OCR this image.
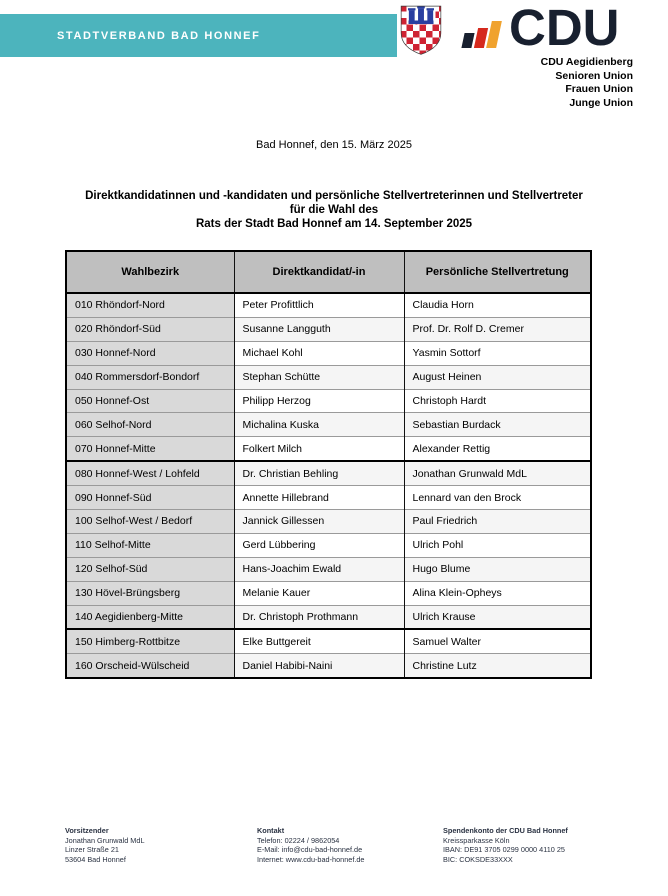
STADTVERBAND BAD HONNEF	CDU
CDU Aegidienberg
Senioren Union
Frauen Union
Junge Union
Bad Honnef, den 15. März 2025
Direktkandidatinnen und -kandidaten und persönliche Stellvertreterinnen und Stellvertreter
für die Wahl des
Rats der Stadt Bad Honnef am 14. September 2025
Wahlbezirk	Direktkandidat/-in	Persönliche Stellvertretung
010 Rhöndorf-Nord	Peter Profittlich	Claudia Horn
020 Rhöndorf-Süd	Susanne Langguth	Prof. Dr. Rolf D. Cremer
030 Honnef-Nord	Michael Kohl	Yasmin Sottorf
040 Rommersdorf-Bondorf	Stephan Schütte	August Heinen
050 Honnef-Ost	Philipp Herzog	Christoph Hardt
060 Selhof-Nord	Michalina Kuska	Sebastian Burdack
070 Honnef-Mitte	Folkert Milch	Alexander Rettig
080 Honnef-West / Lohfeld	Dr. Christian Behling	Jonathan Grunwald MdL
090 Honnef-Süd	Annette Hillebrand	Lennard van den Brock
100 Selhof-West / Bedorf	Jannick Gillessen	Paul Friedrich
110 Selhof-Mitte	Gerd Lübbering	Ulrich Pohl
120 Selhof-Süd	Hans-Joachim Ewald	Hugo Blume
130 Hövel-Brüngsberg	Melanie Kauer	Alina Klein-Opheys
140 Aegidienberg-Mitte	Dr. Christoph Prothmann	Ulrich Krause
150 Himberg-Rottbitze	Elke Buttgereit	Samuel Walter
160 Orscheid-Wülscheid	Daniel Habibi-Naini	Christine Lutz
Vorsitzender
Jonathan Grunwald MdL
Linzer Straße 21
53604 Bad Honnef
Kontakt
Telefon: 02224 / 9862054
E-Mail: info@cdu-bad-honnef.de
Internet: www.cdu-bad-honnef.de
Spendenkonto der CDU Bad Honnef
Kreissparkasse Köln
IBAN: DE91 3705 0299 0000 4110 25
BIC: COKSDE33XXX
